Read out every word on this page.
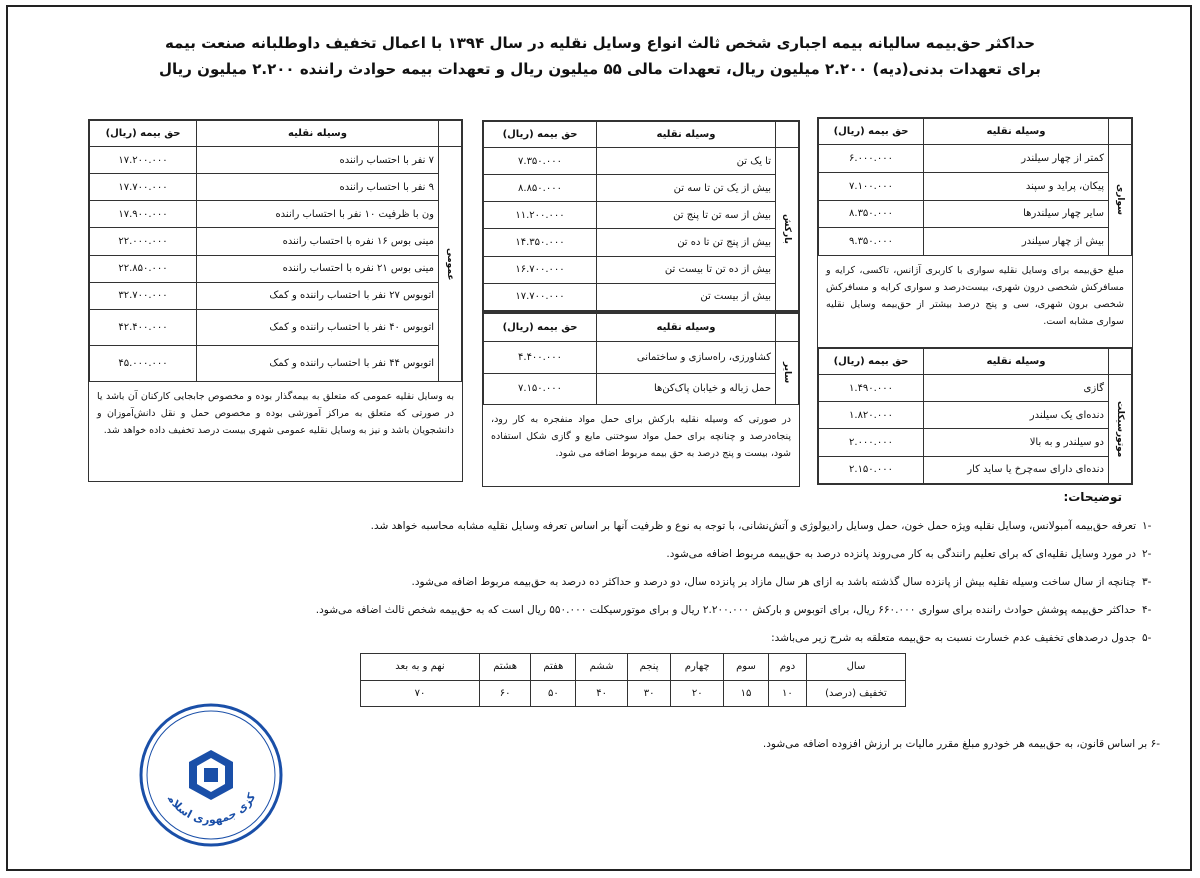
حداکثر حق‌بیمه سالیانه بیمه اجباری شخص ثالث انواع وسایل نقلیه در سال ۱۳۹۴ با اعمال تخفیف داوطلبانه صنعت بیمه
برای تعهدات بدنی(دیه) ۲.۲۰۰ میلیون ریال، تعهدات مالی ۵۵ میلیون ریال و تعهدات بیمه حوادث راننده ۲.۲۰۰ میلیون ریال
	وسیله نقلیه	حق بیمه (ریال)
سواری	کمتر از چهار سیلندر	۶.۰۰۰.۰۰۰
	پیکان، پراید و سپند	۷.۱۰۰.۰۰۰
	سایر چهار سیلندرها	۸.۳۵۰.۰۰۰
	بیش از چهار سیلندر	۹.۳۵۰.۰۰۰
مبلغ حق‌بیمه برای وسایل نقلیه سواری با کاربری آژانس، تاکسی، کرایه و مسافرکش شخصی درون شهری، بیست‌درصد و سواری کرایه و مسافرکش شخصی برون شهری، سی و پنج درصد بیشتر از حق‌بیمه وسایل نقلیه سواری مشابه است.
	وسیله نقلیه	حق بیمه (ریال)
موتورسیکلت	گازی	۱.۴۹۰.۰۰۰
	دنده‌ای یک سیلندر	۱.۸۲۰.۰۰۰
	دو سیلندر و به بالا	۲.۰۰۰.۰۰۰
	دنده‌ای دارای سه‌چرخ یا ساید کار	۲.۱۵۰.۰۰۰
	وسیله نقلیه	حق بیمه (ریال)
بارکش	تا یک تن	۷.۳۵۰.۰۰۰
	بیش از یک تن تا سه تن	۸.۸۵۰.۰۰۰
	بیش از سه تن تا پنج تن	۱۱.۲۰۰.۰۰۰
	بیش از پنج تن تا ده تن	۱۴.۳۵۰.۰۰۰
	بیش از ده تن تا بیست تن	۱۶.۷۰۰.۰۰۰
	بیش از بیست تن	۱۷.۷۰۰.۰۰۰
	وسیله نقلیه	حق بیمه (ریال)
سایر	کشاورزی، راه‌سازی و ساختمانی	۴.۴۰۰.۰۰۰
	حمل زباله و خیابان پاک‌کن‌ها	۷.۱۵۰.۰۰۰
در صورتی که وسیله نقلیه بارکش برای حمل مواد منفجره به کار رود، پنجاه‌درصد و چنانچه برای حمل مواد سوختنی مایع و گازی شکل استفاده شود، بیست و پنج درصد به حق بیمه مربوط اضافه می شود.
	وسیله نقلیه	حق بیمه (ریال)
عمومی	۷ نفر با احتساب راننده	۱۷.۲۰۰.۰۰۰
	۹ نفر با احتساب راننده	۱۷.۷۰۰.۰۰۰
	ون با ظرفیت ۱۰ نفر با احتساب راننده	۱۷.۹۰۰.۰۰۰
	مینی بوس ۱۶ نفره با احتساب راننده	۲۲.۰۰۰.۰۰۰
	مینی بوس ۲۱ نفره با احتساب راننده	۲۲.۸۵۰.۰۰۰
	اتوبوس ۲۷ نفر با احتساب راننده و کمک	۳۲.۷۰۰.۰۰۰
	اتوبوس ۴۰ نفر با احتساب راننده و کمک	۴۲.۴۰۰.۰۰۰
	اتوبوس ۴۴ نفر با احتساب راننده و کمک	۴۵.۰۰۰.۰۰۰
به وسایل نقلیه عمومی که متعلق به بیمه‌گذار بوده و مخصوص جابجایی کارکنان آن باشد یا در صورتی که متعلق به مراکز آموزشی بوده و مخصوص حمل و نقل دانش‌آموزان و دانشجویان باشد و نیز به وسایل نقلیه عمومی شهری بیست درصد تخفیف داده خواهد شد.
توضیحات:
-۱
تعرفه حق‌بیمه آمبولانس، وسایل نقلیه ویژه حمل خون، حمل وسایل رادیولوژی و آتش‌نشانی، با توجه به نوع و ظرفیت آنها بر اساس تعرفه وسایل نقلیه مشابه محاسبه خواهد شد.
-۲
در مورد وسایل نقلیه‌ای که برای تعلیم رانندگی به کار می‌روند پانزده درصد به حق‌بیمه مربوط اضافه می‌شود.
-۳
چنانچه از سال ساخت وسیله نقلیه بیش از پانزده سال گذشته باشد به ازای هر سال مازاد بر پانزده سال، دو درصد و حداکثر ده درصد به حق‌بیمه مربوط اضافه می‌شود.
-۴
حداکثر حق‌بیمه پوشش حوادث راننده برای سواری ۶۶۰.۰۰۰ ریال، برای اتوبوس و بارکش ۲.۲۰۰.۰۰۰ ریال و برای موتورسیکلت ۵۵۰.۰۰۰ ریال است که به حق‌بیمه شخص ثالث اضافه می‌شود.
-۵
جدول درصدهای تخفیف عدم خسارت نسبت به حق‌بیمه متعلقه به شرح زیر می‌باشد:
سال	دوم	سوم	چهارم	پنجم	ششم	هفتم	هشتم	نهم و به بعد
تخفیف (درصد)	۱۰	۱۵	۲۰	۳۰	۴۰	۵۰	۶۰	۷۰
-۶ بر اساس قانون، به حق‌بیمه هر خودرو مبلغ مقرر مالیات بر ارزش افزوده اضافه می‌شود.
کزی جمهوری اسلامی
